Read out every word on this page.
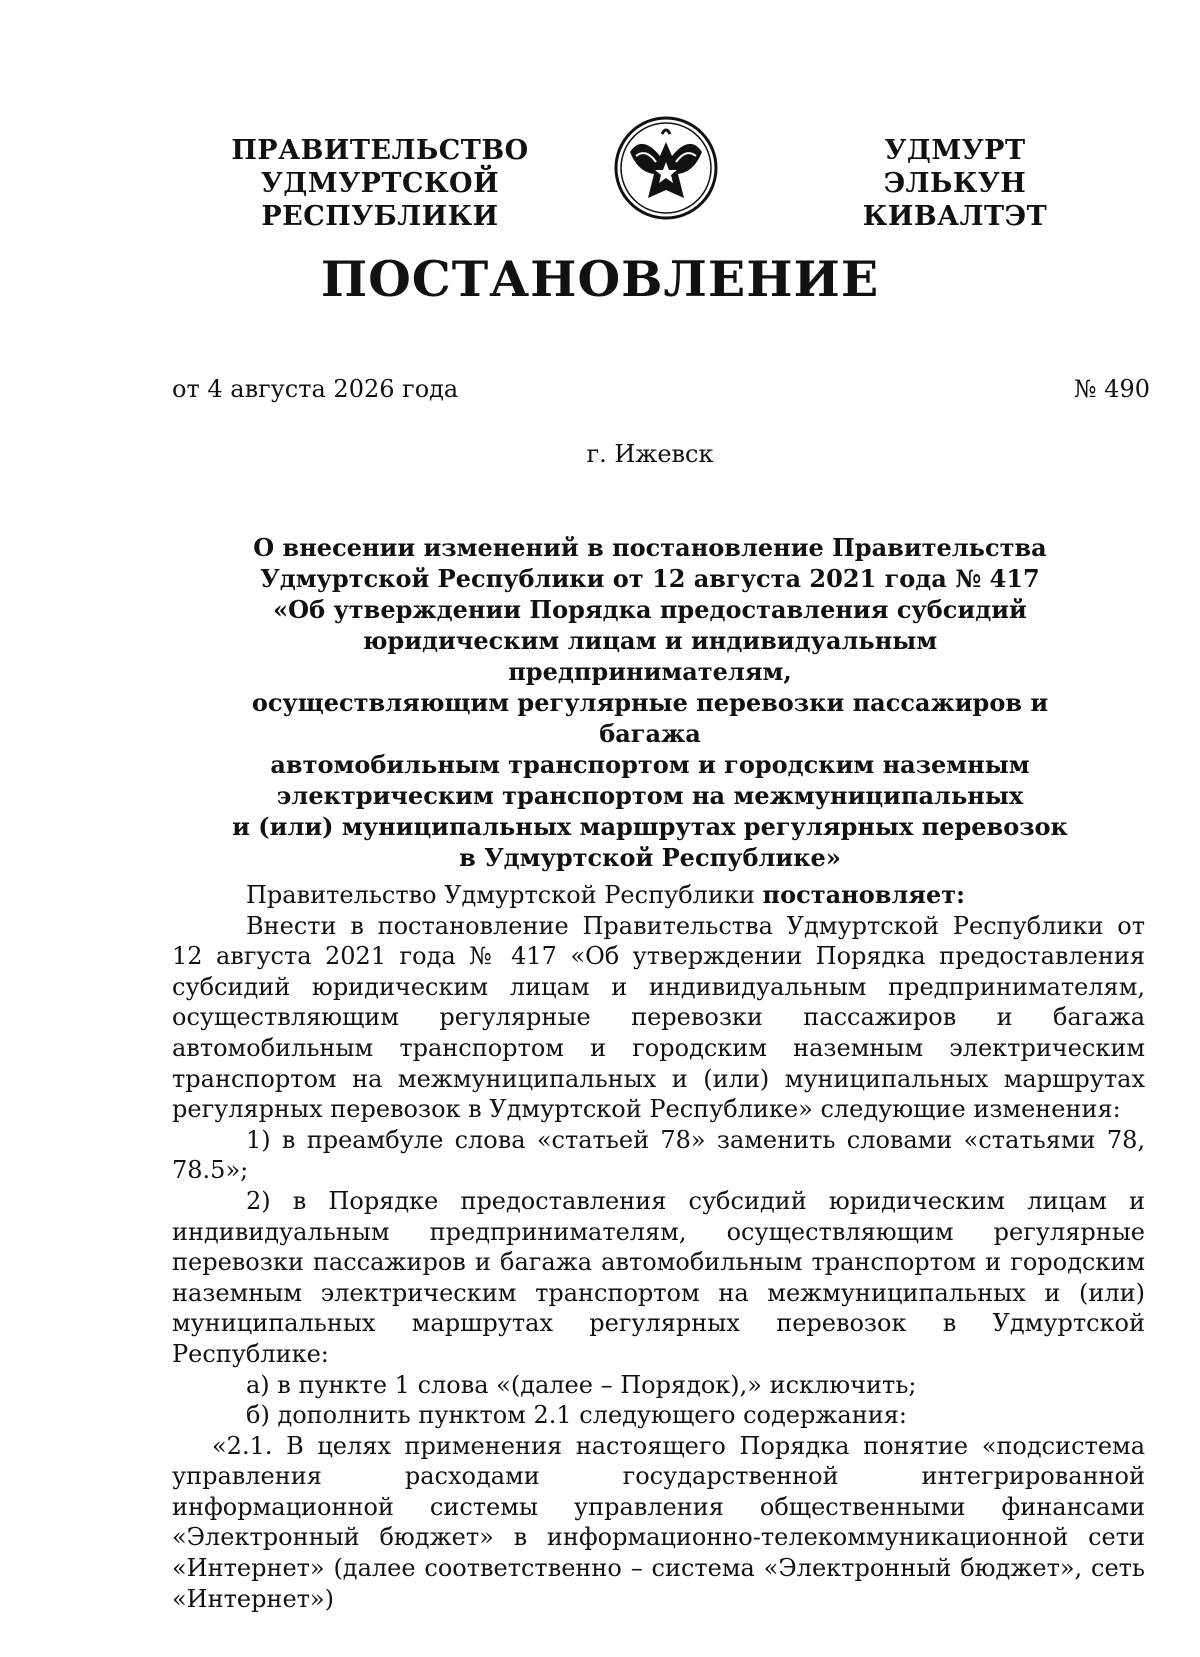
ПРАВИТЕЛЬСТВО
УДМУРТСКОЙ РЕСПУБЛИКИ
УДМУРТ ЭЛЬКУН
КИВАЛТЭТ
ПОСТАНОВЛЕНИЕ
от 4 августа 2026 года	№ 490
г. Ижевск
О внесении изменений в постановление Правительства
Удмуртской Республики от 12 августа 2021 года № 417
«Об утверждении Порядка предоставления субсидий
юридическим лицам и индивидуальным предпринимателям,
осуществляющим регулярные перевозки пассажиров и багажа
автомобильным транспортом и городским наземным
электрическим транспортом на межмуниципальных
и (или) муниципальных маршрутах регулярных перевозок
в Удмуртской Республике»

Правительство Удмуртской Республики постановляет:

Внести в постановление Правительства Удмуртской Республики от 12 августа 2021 года № 417 «Об утверждении Порядка предоставления субсидий юридическим лицам и индивидуальным предпринимателям, осуществляющим регулярные перевозки пассажиров и багажа автомобильным транспортом и городским наземным электрическим транспортом на межмуниципальных и (или) муниципальных маршрутах регулярных перевозок в Удмуртской Республике» следующие изменения:

1) в преамбуле слова «статьей 78» заменить словами «статьями 78, 78.5»;

2) в Порядке предоставления субсидий юридическим лицам и индивидуальным предпринимателям, осуществляющим регулярные перевозки пассажиров и багажа автомобильным транспортом и городским наземным электрическим транспортом на межмуниципальных и (или) муниципальных маршрутах регулярных перевозок в Удмуртской Республике:

а) в пункте 1 слова «(далее – Порядок),» исключить;

б) дополнить пунктом 2.1 следующего содержания:

«2.1. В целях применения настоящего Порядка понятие «подсистема управления расходами государственной интегрированной информационной системы управления общественными финансами «Электронный бюджет» в информационно-телекоммуникационной сети «Интернет» (далее соответственно – система «Электронный бюджет», сеть «Интернет»)
